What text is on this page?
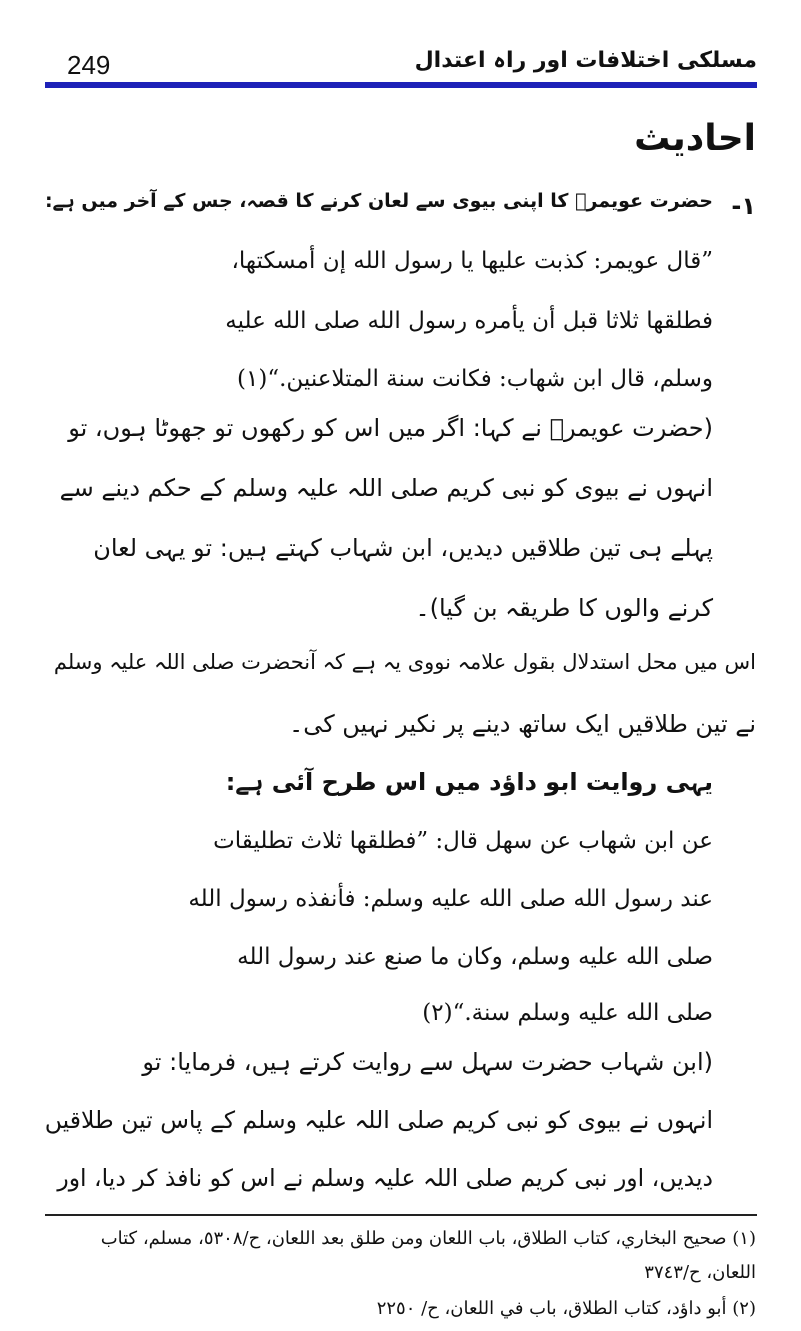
249	مسلکی اختلافات اور راہ اعتدال
احادیث
١-
حضرت عویمرؓ کا اپنی بیوی سے لعان کرنے کا قصہ، جس کے آخر میں ہے:
”قال عويمر: كذبت عليها يا رسول الله إن أمسكتها،
فطلقها ثلاثا قبل أن يأمره رسول الله صلى الله عليه
وسلم، قال ابن شهاب: فكانت سنة المتلاعنين.“(١)
(حضرت عویمرؓ نے کہا: اگر میں اس کو رکھوں تو جھوٹا ہوں، تو
انہوں نے بیوی کو نبی کریم صلی اللہ علیہ وسلم کے حکم دینے سے
پہلے ہی تین طلاقیں دیدیں، ابن شہاب کہتے ہیں: تو یہی لعان
کرنے والوں کا طریقہ بن گیا)۔
اس میں محل استدلال بقول علامہ نووی یہ ہے کہ آنحضرت صلی اللہ علیہ وسلم
نے تین طلاقیں ایک ساتھ دینے پر نکیر نہیں کی۔
یہی روایت ابو داؤد میں اس طرح آئی ہے:
عن ابن شهاب عن سهل قال: ”فطلقها ثلاث تطليقات
عند رسول الله صلى الله عليه وسلم: فأنفذه رسول الله
صلى الله عليه وسلم، وكان ما صنع عند رسول الله
صلى الله عليه وسلم سنة.“(٢)
(ابن شہاب حضرت سہل سے روایت کرتے ہیں، فرمایا: تو
انہوں نے بیوی کو نبی کریم صلی اللہ علیہ وسلم کے پاس تین طلاقیں
دیدیں، اور نبی کریم صلی اللہ علیہ وسلم نے اس کو نافذ کر دیا، اور
(١) صحيح البخاري، كتاب الطلاق، باب اللعان ومن طلق بعد اللعان، ح/٥٣٠٨، مسلم، كتاب
اللعان، ح/٣٧٤٣
(٢) أبو داؤد، كتاب الطلاق، باب في اللعان، ح/ ٢٢٥٠
